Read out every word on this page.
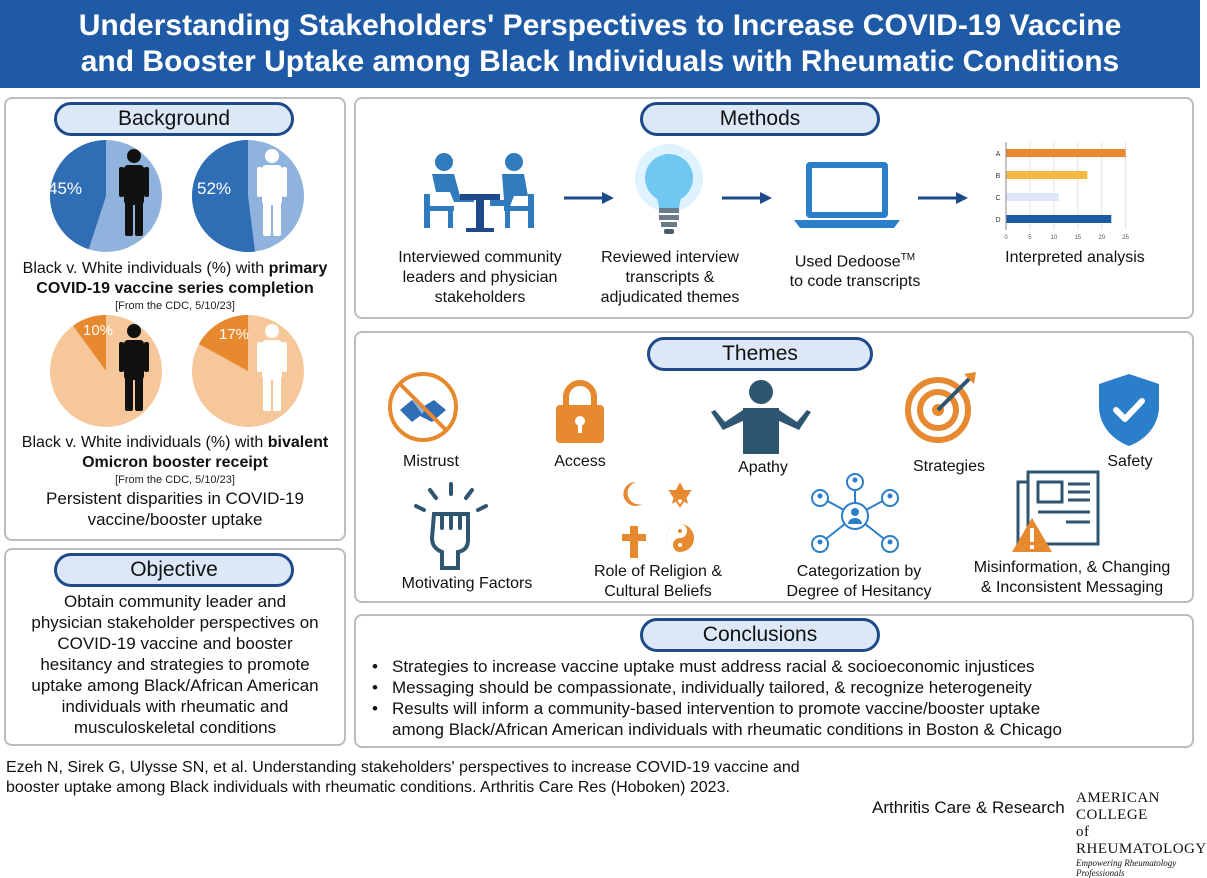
Understanding Stakeholders' Perspectives to Increase COVID-19 Vaccine
and Booster Uptake among Black Individuals with Rheumatic Conditions
Background
45%	52%
Black v. White individuals (%) with primary
COVID-19 vaccine series completion
[From the CDC, 5/10/23]
10%	17%
Black v. White individuals (%) with bivalent
Omicron booster receipt
[From the CDC, 5/10/23]
Persistent disparities in COVID-19
vaccine/booster uptake
Objective
Obtain community leader and
physician stakeholder perspectives on
COVID-19 vaccine and booster
hesitancy and strategies to promote
uptake among Black/African American
individuals with rheumatic and
musculoskeletal conditions
Methods
0	5	10	15	20	25
A
B
C
D
Interviewed community
leaders and physician
stakeholders
Reviewed interview
transcripts &
adjudicated themes
Used Dedoose™
to code transcripts
Interpreted analysis
Themes
Mistrust	Access	Apathy	Strategies	Safety
Motivating Factors
Role of Religion &
Cultural Beliefs
Categorization by
Degree of Hesitancy
Misinformation, & Changing
& Inconsistent Messaging
Conclusions
• Strategies to increase vaccine uptake must address racial & socioeconomic injustices
• Messaging should be compassionate, individually tailored, & recognize heterogeneity
• Results will inform a community-based intervention to promote vaccine/booster uptake
among Black/African American individuals with rheumatic conditions in Boston & Chicago
Ezeh N, Sirek G, Ulysse SN, et al. Understanding stakeholders' perspectives to increase COVID-19 vaccine and
booster uptake among Black individuals with rheumatic conditions. Arthritis Care Res (Hoboken) 2023.
Arthritis Care & Research AMERICAN COLLEGE
of RHEUMATOLOGY
Empowering Rheumatology Professionals
